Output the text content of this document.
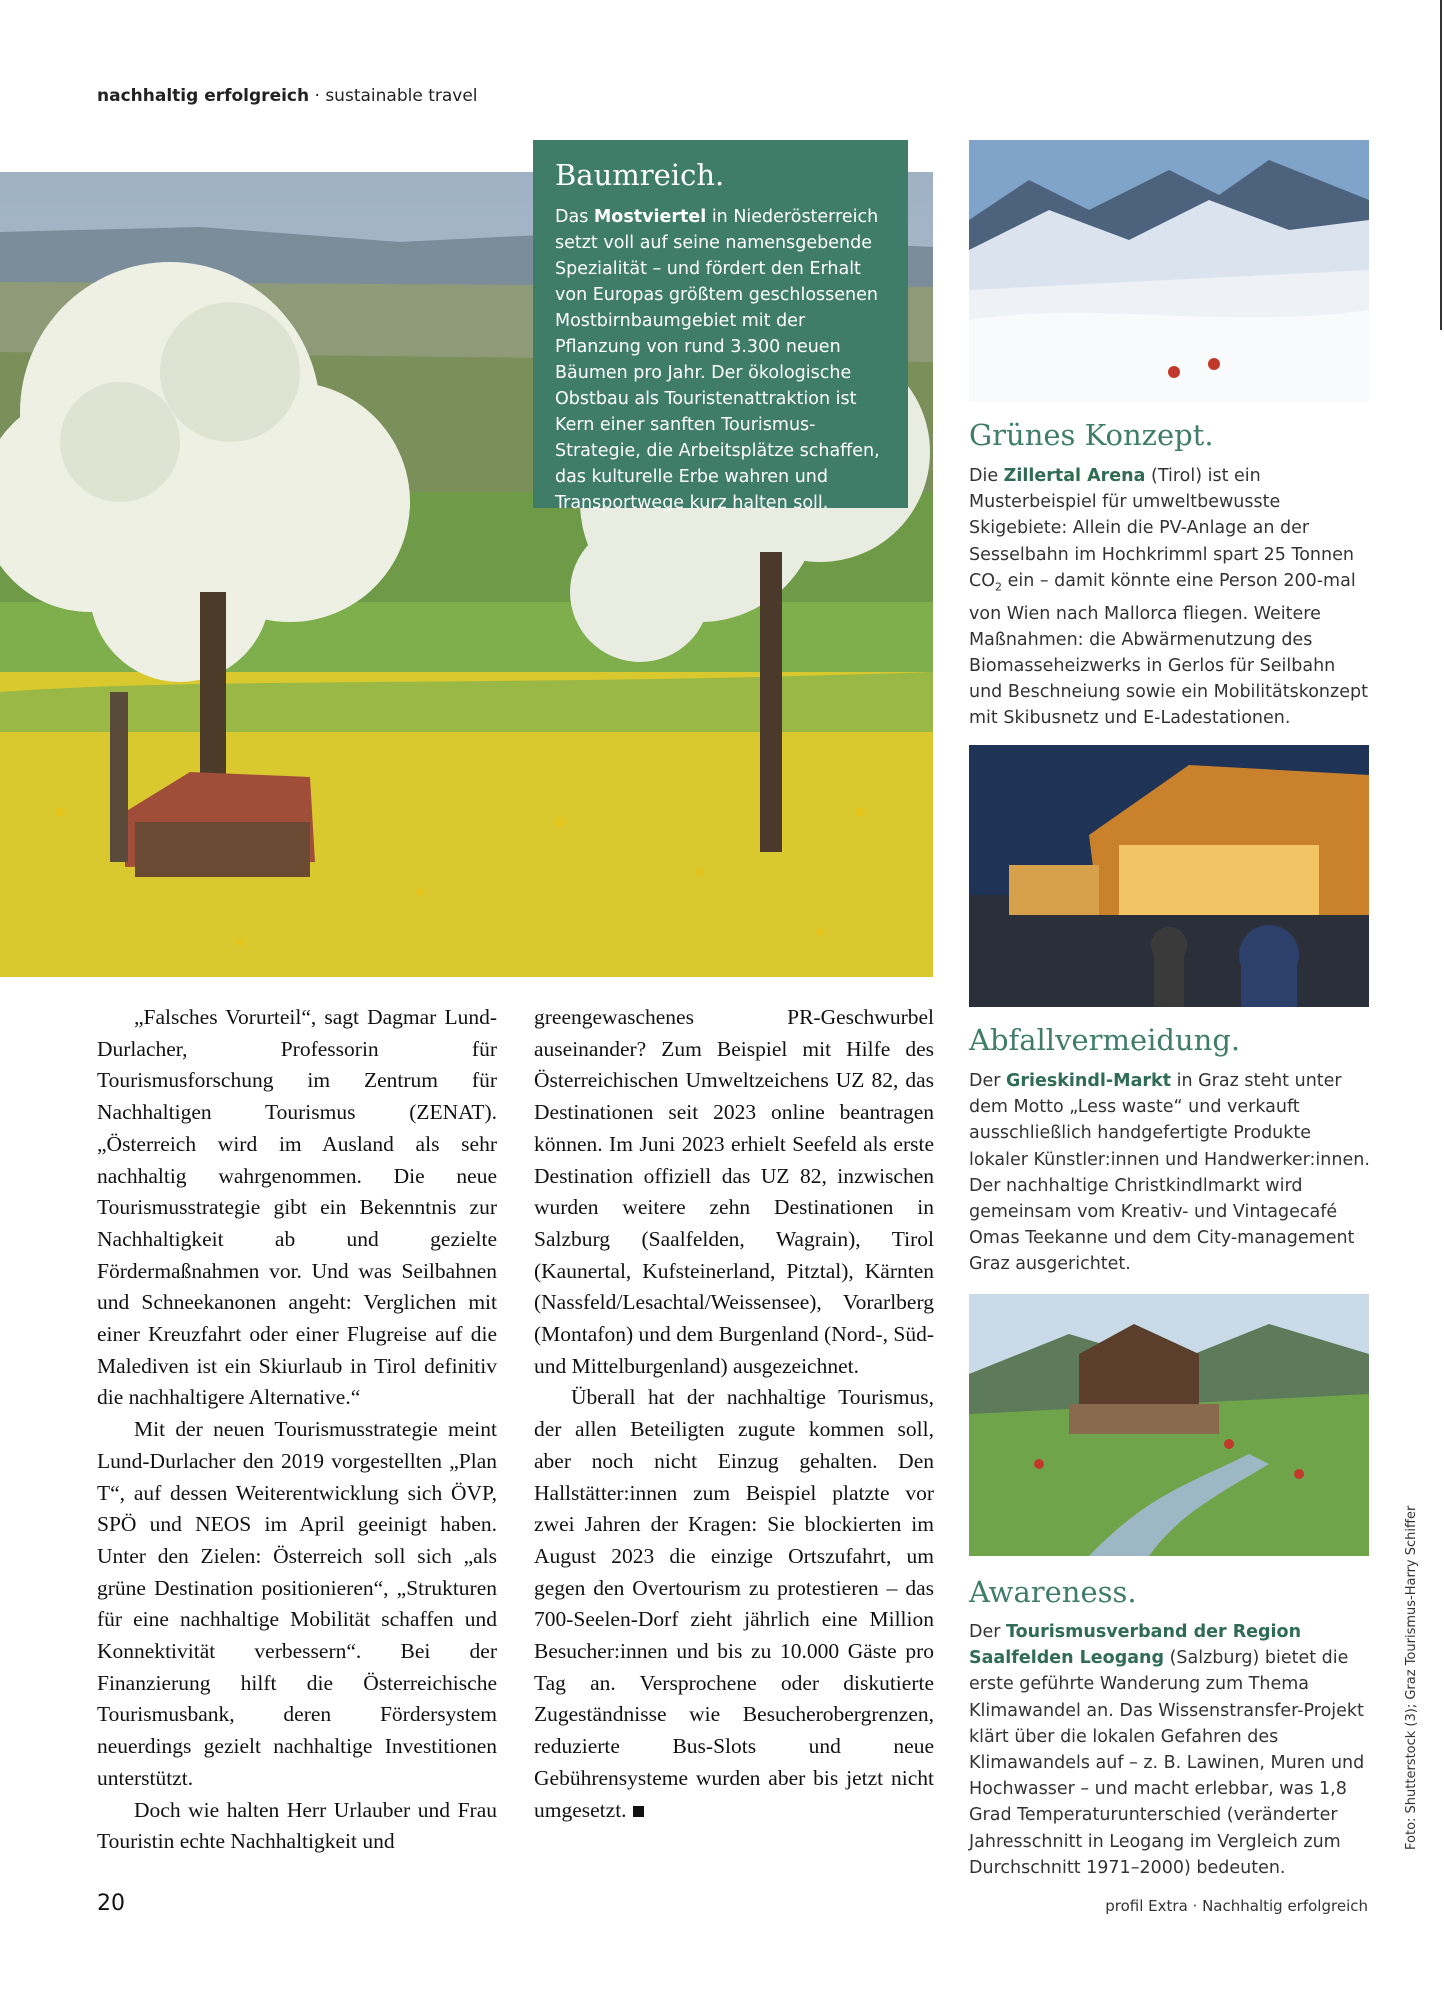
nachhaltig erfolgreich · sustainable travel
Baumreich.

Das Mostviertel in Niederösterreich setzt voll auf seine namensgebende Spezialität – und fördert den Erhalt von Europas größtem geschlossenen Mostbirnbaumgebiet mit der Pflanzung von rund 3.300 neuen Bäumen pro Jahr. Der ökologische Obstbau als Touristenattraktion ist Kern einer sanften Tourismus-Strategie, die Arbeitsplätze schaffen, das kulturelle Erbe wahren und Transportwege kurz halten soll.

Grünes Konzept.
Die Zillertal Arena (Tirol) ist ein Musterbeispiel für umweltbewusste Skigebiete: Allein die PV-Anlage an der Sesselbahn im Hochkrimml spart 25 Tonnen $CO_2$ ein – damit könnte eine Person 200-mal von Wien nach Mallorca fliegen. Weitere Maßnahmen: die Abwärmenutzung des Biomasseheizwerks in Gerlos für Seilbahn und Beschneiung sowie ein Mobilitätskonzept mit Skibusnetz und E-Ladestationen.
Abfallvermeidung.
Der Grieskindl-Markt in Graz steht unter dem Motto „Less waste“ und verkauft ausschließlich handgefertigte Produkte lokaler Künstler:innen und Handwerker:innen. Der nachhaltige Christkindlmarkt wird gemeinsam vom Kreativ- und Vintagecafé Omas Teekanne und dem City-management Graz ausgerichtet.
Awareness.
Der Tourismusverband der Region Saalfelden Leogang (Salzburg) bietet die erste geführte Wanderung zum Thema Klimawandel an. Das Wissenstransfer-Projekt klärt über die lokalen Gefahren des Klimawandels auf – z. B. Lawinen, Muren und Hochwasser – und macht erlebbar, was 1,8 Grad Temperaturunterschied (veränderter Jahresschnitt in Leogang im Vergleich zum Durchschnitt 1971–2000) bedeuten.

„Falsches Vorurteil“, sagt Dagmar Lund-Durlacher, Professorin für Tourismusforschung im Zentrum für Nachhaltigen Tourismus (ZENAT). „Österreich wird im Ausland als sehr nachhaltig wahrgenommen. Die neue Tourismusstrategie gibt ein Bekenntnis zur Nachhaltigkeit ab und gezielte Fördermaßnahmen vor. Und was Seilbahnen und Schneekanonen angeht: Verglichen mit einer Kreuzfahrt oder einer Flugreise auf die Malediven ist ein Skiurlaub in Tirol definitiv die nachhaltigere Alternative.“

Mit der neuen Tourismusstrategie meint Lund-Durlacher den 2019 vorgestellten „Plan T“, auf dessen Weiterentwicklung sich ÖVP, SPÖ und NEOS im April geeinigt haben. Unter den Zielen: Österreich soll sich „als grüne Destination positionieren“, „Strukturen für eine nachhaltige Mobilität schaffen und Konnektivität verbessern“. Bei der Finanzierung hilft die Österreichische Tourismusbank, deren Fördersystem neuerdings gezielt nachhaltige Investitionen unterstützt.

Doch wie halten Herr Urlauber und Frau Touristin echte Nachhaltigkeit und

greengewaschenes PR-Geschwurbel auseinander? Zum Beispiel mit Hilfe des Österreichischen Umweltzeichens UZ 82, das Destinationen seit 2023 online beantragen können. Im Juni 2023 erhielt Seefeld als erste Destination offiziell das UZ 82, inzwischen wurden weitere zehn Destinationen in Salzburg (Saalfelden, Wagrain), Tirol (Kaunertal, Kufsteinerland, Pitztal), Kärnten (Nassfeld/Lesachtal/Weissensee), Vorarlberg (Montafon) und dem Burgenland (Nord-, Süd- und Mittelburgenland) ausgezeichnet.

Überall hat der nachhaltige Tourismus, der allen Beteiligten zugute kommen soll, aber noch nicht Einzug gehalten. Den Hallstätter:innen zum Beispiel platzte vor zwei Jahren der Kragen: Sie blockierten im August 2023 die einzige Ortszufahrt, um gegen den Overtourism zu protestieren – das 700-Seelen-Dorf zieht jährlich eine Million Besucher:innen und bis zu 10.000 Gäste pro Tag an. Versprochene oder diskutierte Zugeständnisse wie Besucherobergrenzen, reduzierte Bus-Slots und neue Gebührensysteme wurden aber bis jetzt nicht umgesetzt.	Foto: Shutterstock (3); Graz Tourismus-Harry Schiffer
20	profil Extra · Nachhaltig erfolgreich
